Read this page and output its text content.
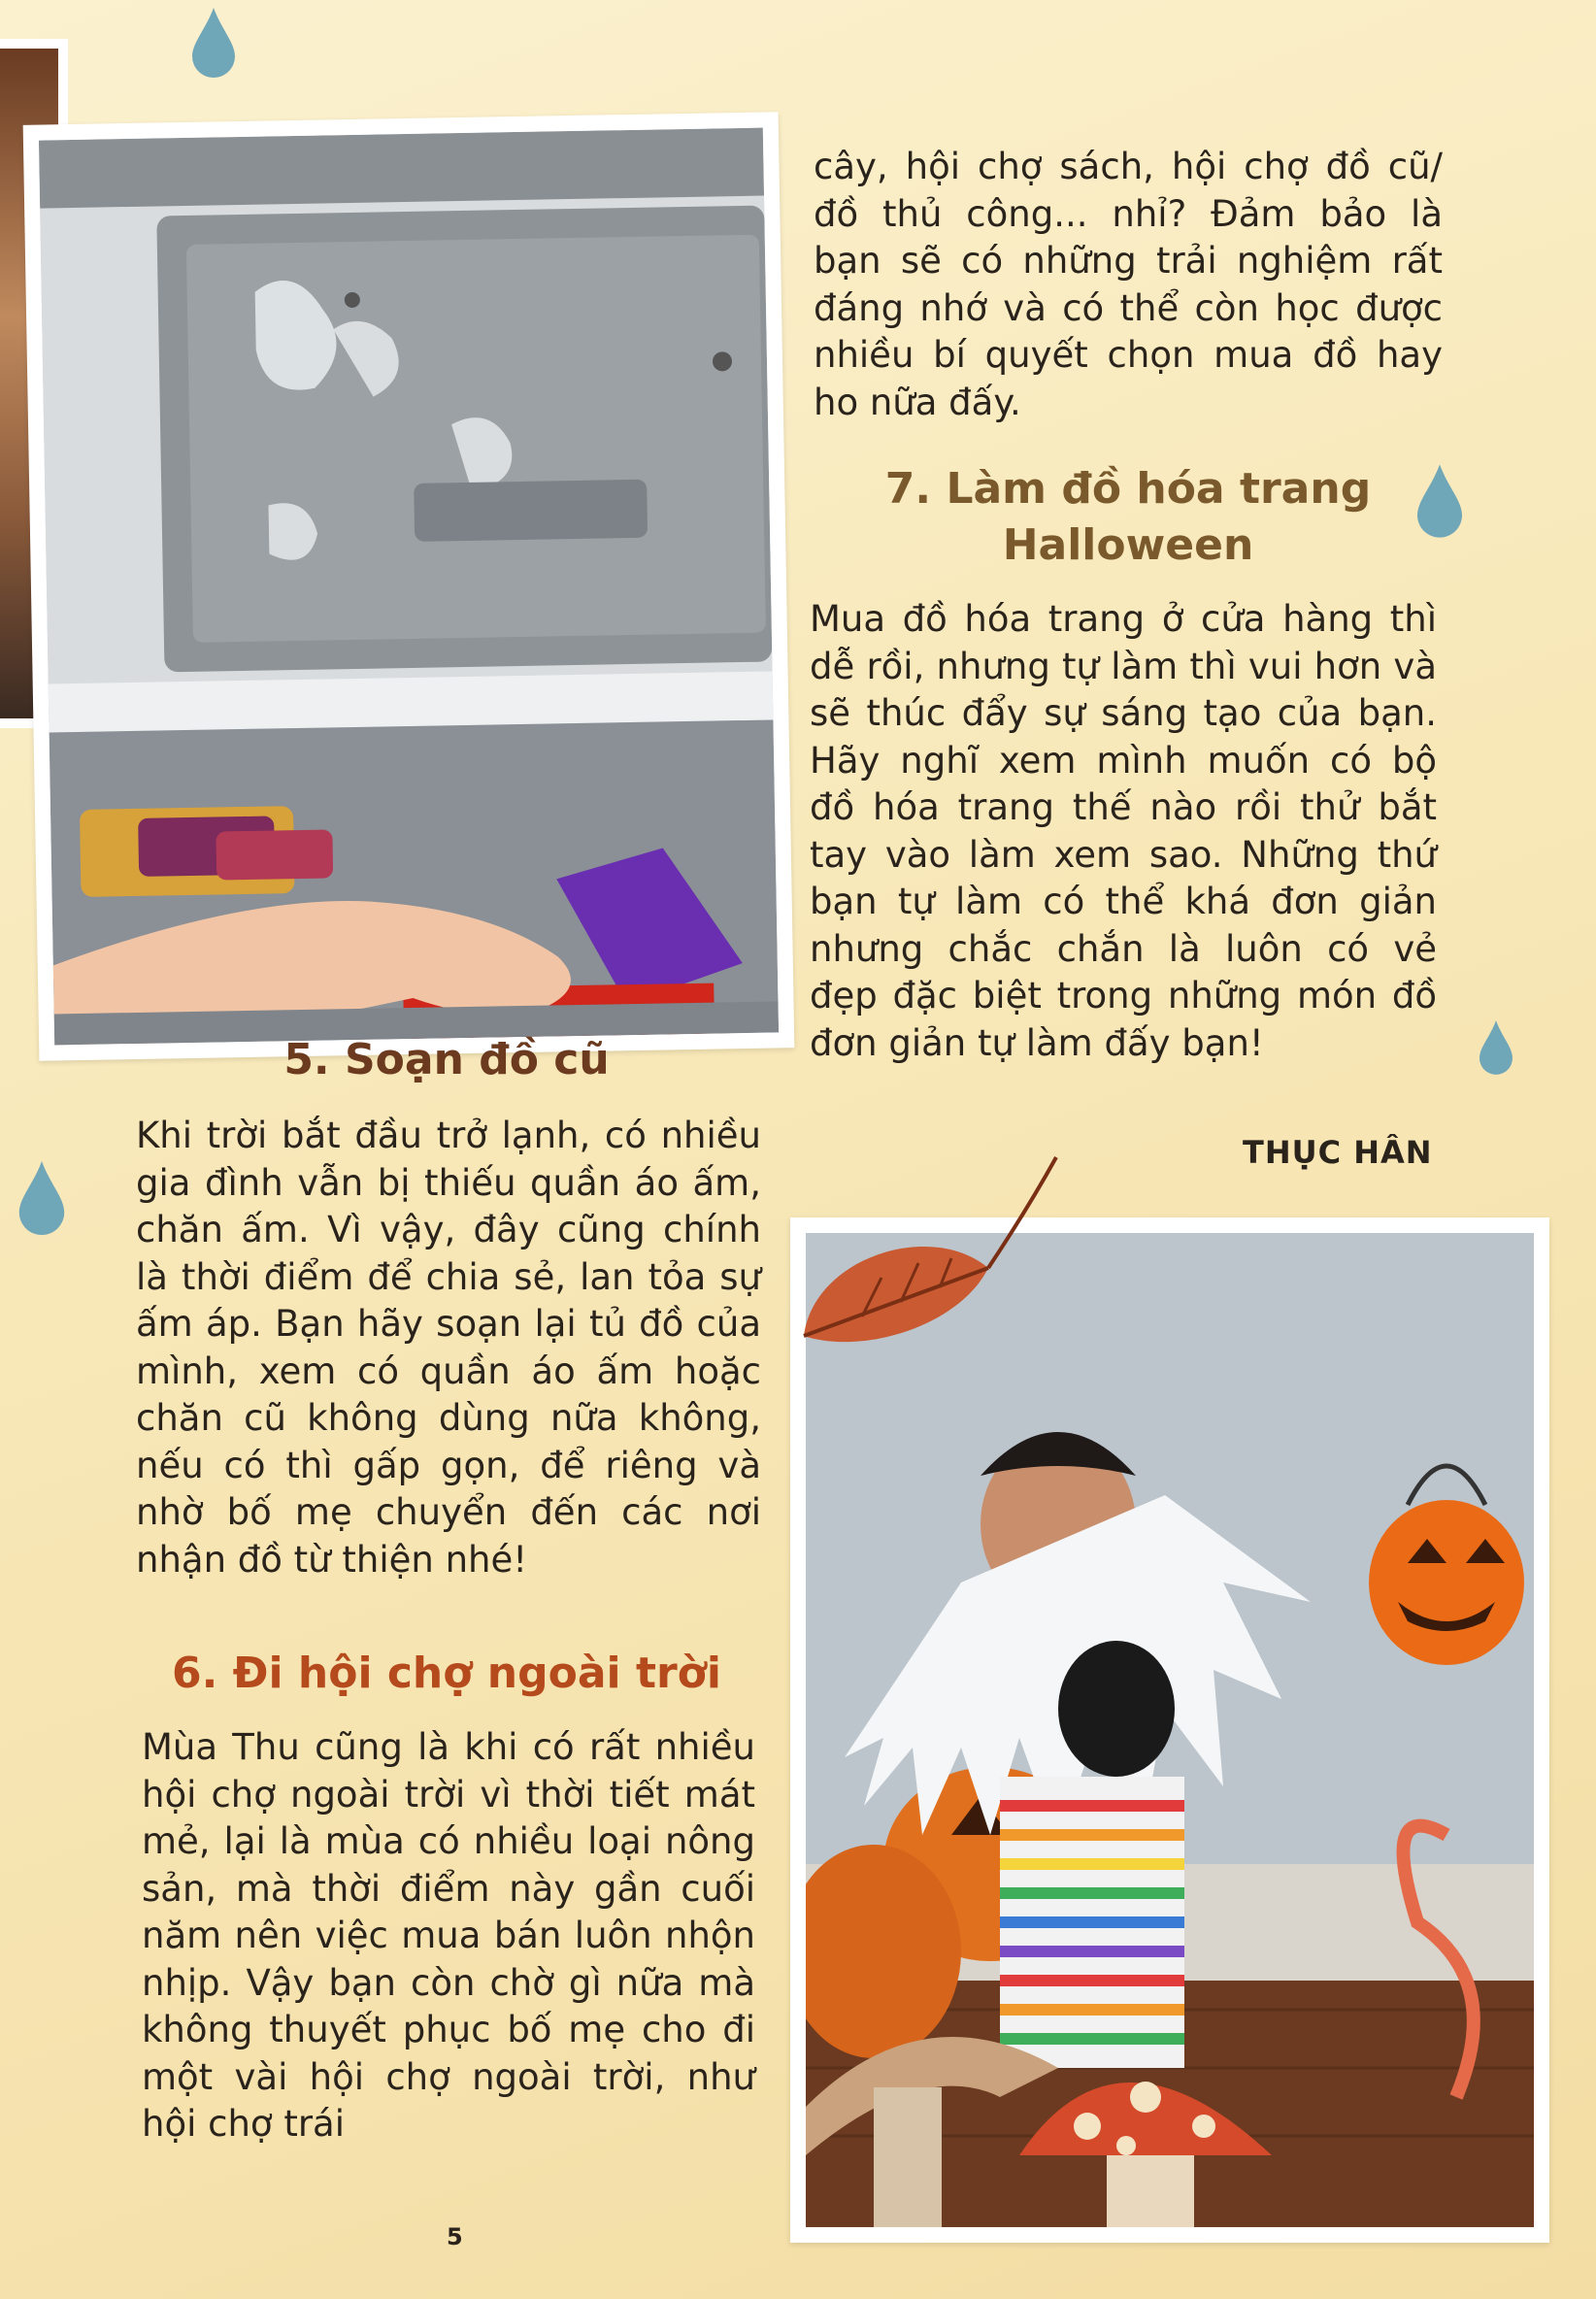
5. Soạn đồ cũ

Khi trời bắt đầu trở lạnh, có nhiều gia đình vẫn bị thiếu quần áo ấm, chăn ấm. Vì vậy, đây cũng chính là thời điểm để chia sẻ, lan tỏa sự ấm áp. Bạn hãy soạn lại tủ đồ của mình, xem có quần áo ấm hoặc chăn cũ không dùng nữa không, nếu có thì gấp gọn, để riêng và nhờ bố mẹ chuyển đến các nơi nhận đồ từ thiện nhé!

6. Đi hội chợ ngoài trời

Mùa Thu cũng là khi có rất nhiều hội chợ ngoài trời vì thời tiết mát mẻ, lại là mùa có nhiều loại nông sản, mà thời điểm này gần cuối năm nên việc mua bán luôn nhộn nhịp. Vậy bạn còn chờ gì nữa mà không thuyết phục bố mẹ cho đi một vài hội chợ ngoài trời, như hội chợ trái

cây, hội chợ sách, hội chợ đồ cũ/ đồ thủ công... nhỉ? Đảm bảo là bạn sẽ có những trải nghiệm rất đáng nhớ và có thể còn học được nhiều bí quyết chọn mua đồ hay ho nữa đấy.

7. Làm đồ hóa trang
Halloween

Mua đồ hóa trang ở cửa hàng thì dễ rồi, nhưng tự làm thì vui hơn và sẽ thúc đẩy sự sáng tạo của bạn. Hãy nghĩ xem mình muốn có bộ đồ hóa trang thế nào rồi thử bắt tay vào làm xem sao. Những thứ bạn tự làm có thể khá đơn giản nhưng chắc chắn là luôn có vẻ đẹp đặc biệt trong những món đồ đơn giản tự làm đấy bạn!

THỤC HÂN
5
